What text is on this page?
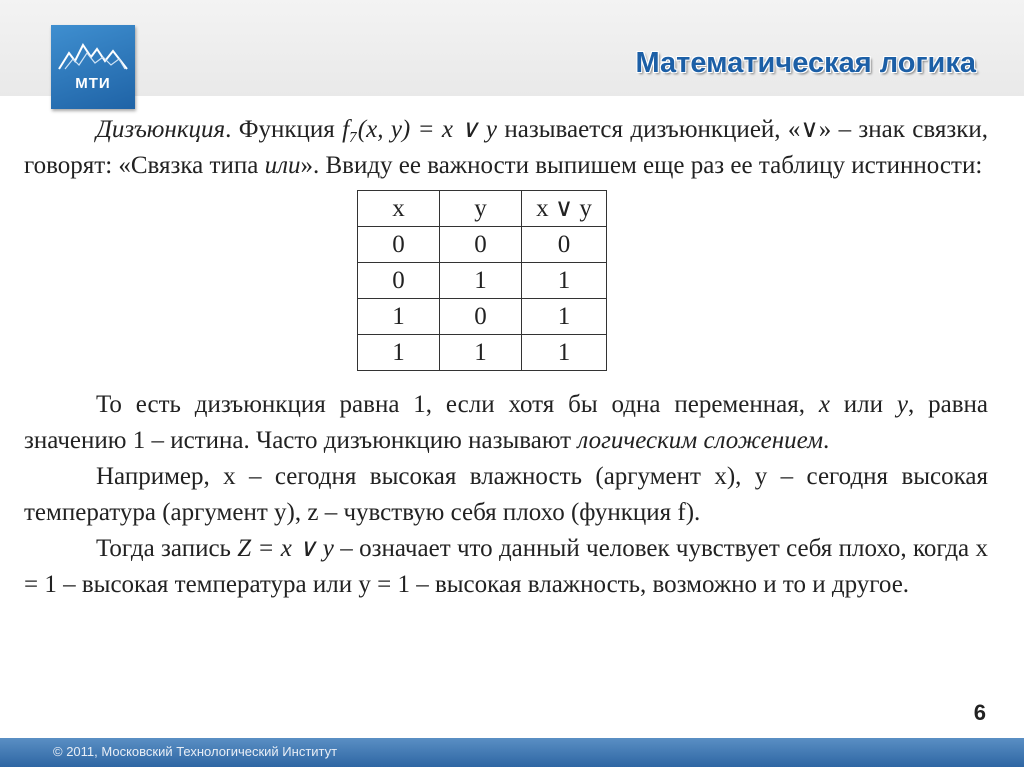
МТИ
Математическая логика

Дизъюнкция. Функция f₇(x, y) = x ∨ y называется дизъюнкцией, «∨» – знак связки, говорят: «Связка типа или». Ввиду ее важности выпишем еще раз ее таблицу истинности:

x	y	x ∨ y
0	0	0
0	1	1
1	0	1
1	1	1

То есть дизъюнкция равна 1, если хотя бы одна переменная, x или y, равна значению 1 – истина. Часто дизъюнкцию называют логическим сложением.

Например, x – сегодня высокая влажность (аргумент x), y – сегодня высокая температура (аргумент y), z – чувствую себя плохо (функция f).

Тогда запись Z = x ∨ y – означает что данный человек чувствует себя плохо, когда x = 1 – высокая температура или y = 1 – высокая влажность, возможно и то и другое.

6
© 2011, Московский Технологический Институт
